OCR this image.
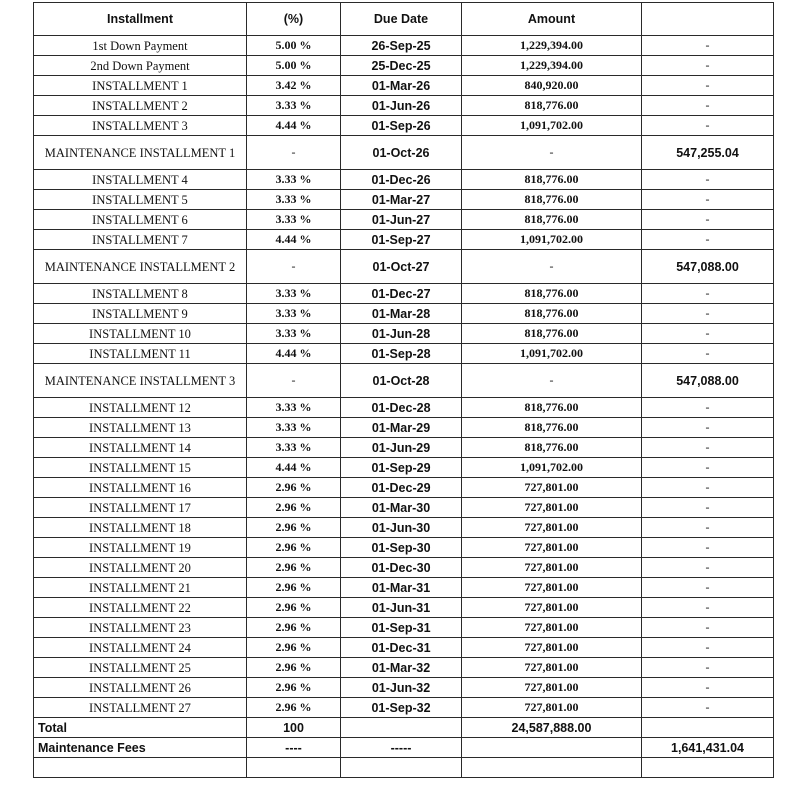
Installment	(%)	Due Date	Amount	
1st Down Payment	5.00 %	26-Sep-25	1,229,394.00	-
2nd Down Payment	5.00 %	25-Dec-25	1,229,394.00	-
INSTALLMENT 1	3.42 %	01-Mar-26	840,920.00	-
INSTALLMENT 2	3.33 %	01-Jun-26	818,776.00	-
INSTALLMENT 3	4.44 %	01-Sep-26	1,091,702.00	-
MAINTENANCE INSTALLMENT 1	-	01-Oct-26	-	547,255.04
INSTALLMENT 4	3.33 %	01-Dec-26	818,776.00	-
INSTALLMENT 5	3.33 %	01-Mar-27	818,776.00	-
INSTALLMENT 6	3.33 %	01-Jun-27	818,776.00	-
INSTALLMENT 7	4.44 %	01-Sep-27	1,091,702.00	-
MAINTENANCE INSTALLMENT 2	-	01-Oct-27	-	547,088.00
INSTALLMENT 8	3.33 %	01-Dec-27	818,776.00	-
INSTALLMENT 9	3.33 %	01-Mar-28	818,776.00	-
INSTALLMENT 10	3.33 %	01-Jun-28	818,776.00	-
INSTALLMENT 11	4.44 %	01-Sep-28	1,091,702.00	-
MAINTENANCE INSTALLMENT 3	-	01-Oct-28	-	547,088.00
INSTALLMENT 12	3.33 %	01-Dec-28	818,776.00	-
INSTALLMENT 13	3.33 %	01-Mar-29	818,776.00	-
INSTALLMENT 14	3.33 %	01-Jun-29	818,776.00	-
INSTALLMENT 15	4.44 %	01-Sep-29	1,091,702.00	-
INSTALLMENT 16	2.96 %	01-Dec-29	727,801.00	-
INSTALLMENT 17	2.96 %	01-Mar-30	727,801.00	-
INSTALLMENT 18	2.96 %	01-Jun-30	727,801.00	-
INSTALLMENT 19	2.96 %	01-Sep-30	727,801.00	-
INSTALLMENT 20	2.96 %	01-Dec-30	727,801.00	-
INSTALLMENT 21	2.96 %	01-Mar-31	727,801.00	-
INSTALLMENT 22	2.96 %	01-Jun-31	727,801.00	-
INSTALLMENT 23	2.96 %	01-Sep-31	727,801.00	-
INSTALLMENT 24	2.96 %	01-Dec-31	727,801.00	-
INSTALLMENT 25	2.96 %	01-Mar-32	727,801.00	-
INSTALLMENT 26	2.96 %	01-Jun-32	727,801.00	-
INSTALLMENT 27	2.96 %	01-Sep-32	727,801.00	-
Total	100		24,587,888.00	
Maintenance Fees	----	-----		1,641,431.04
